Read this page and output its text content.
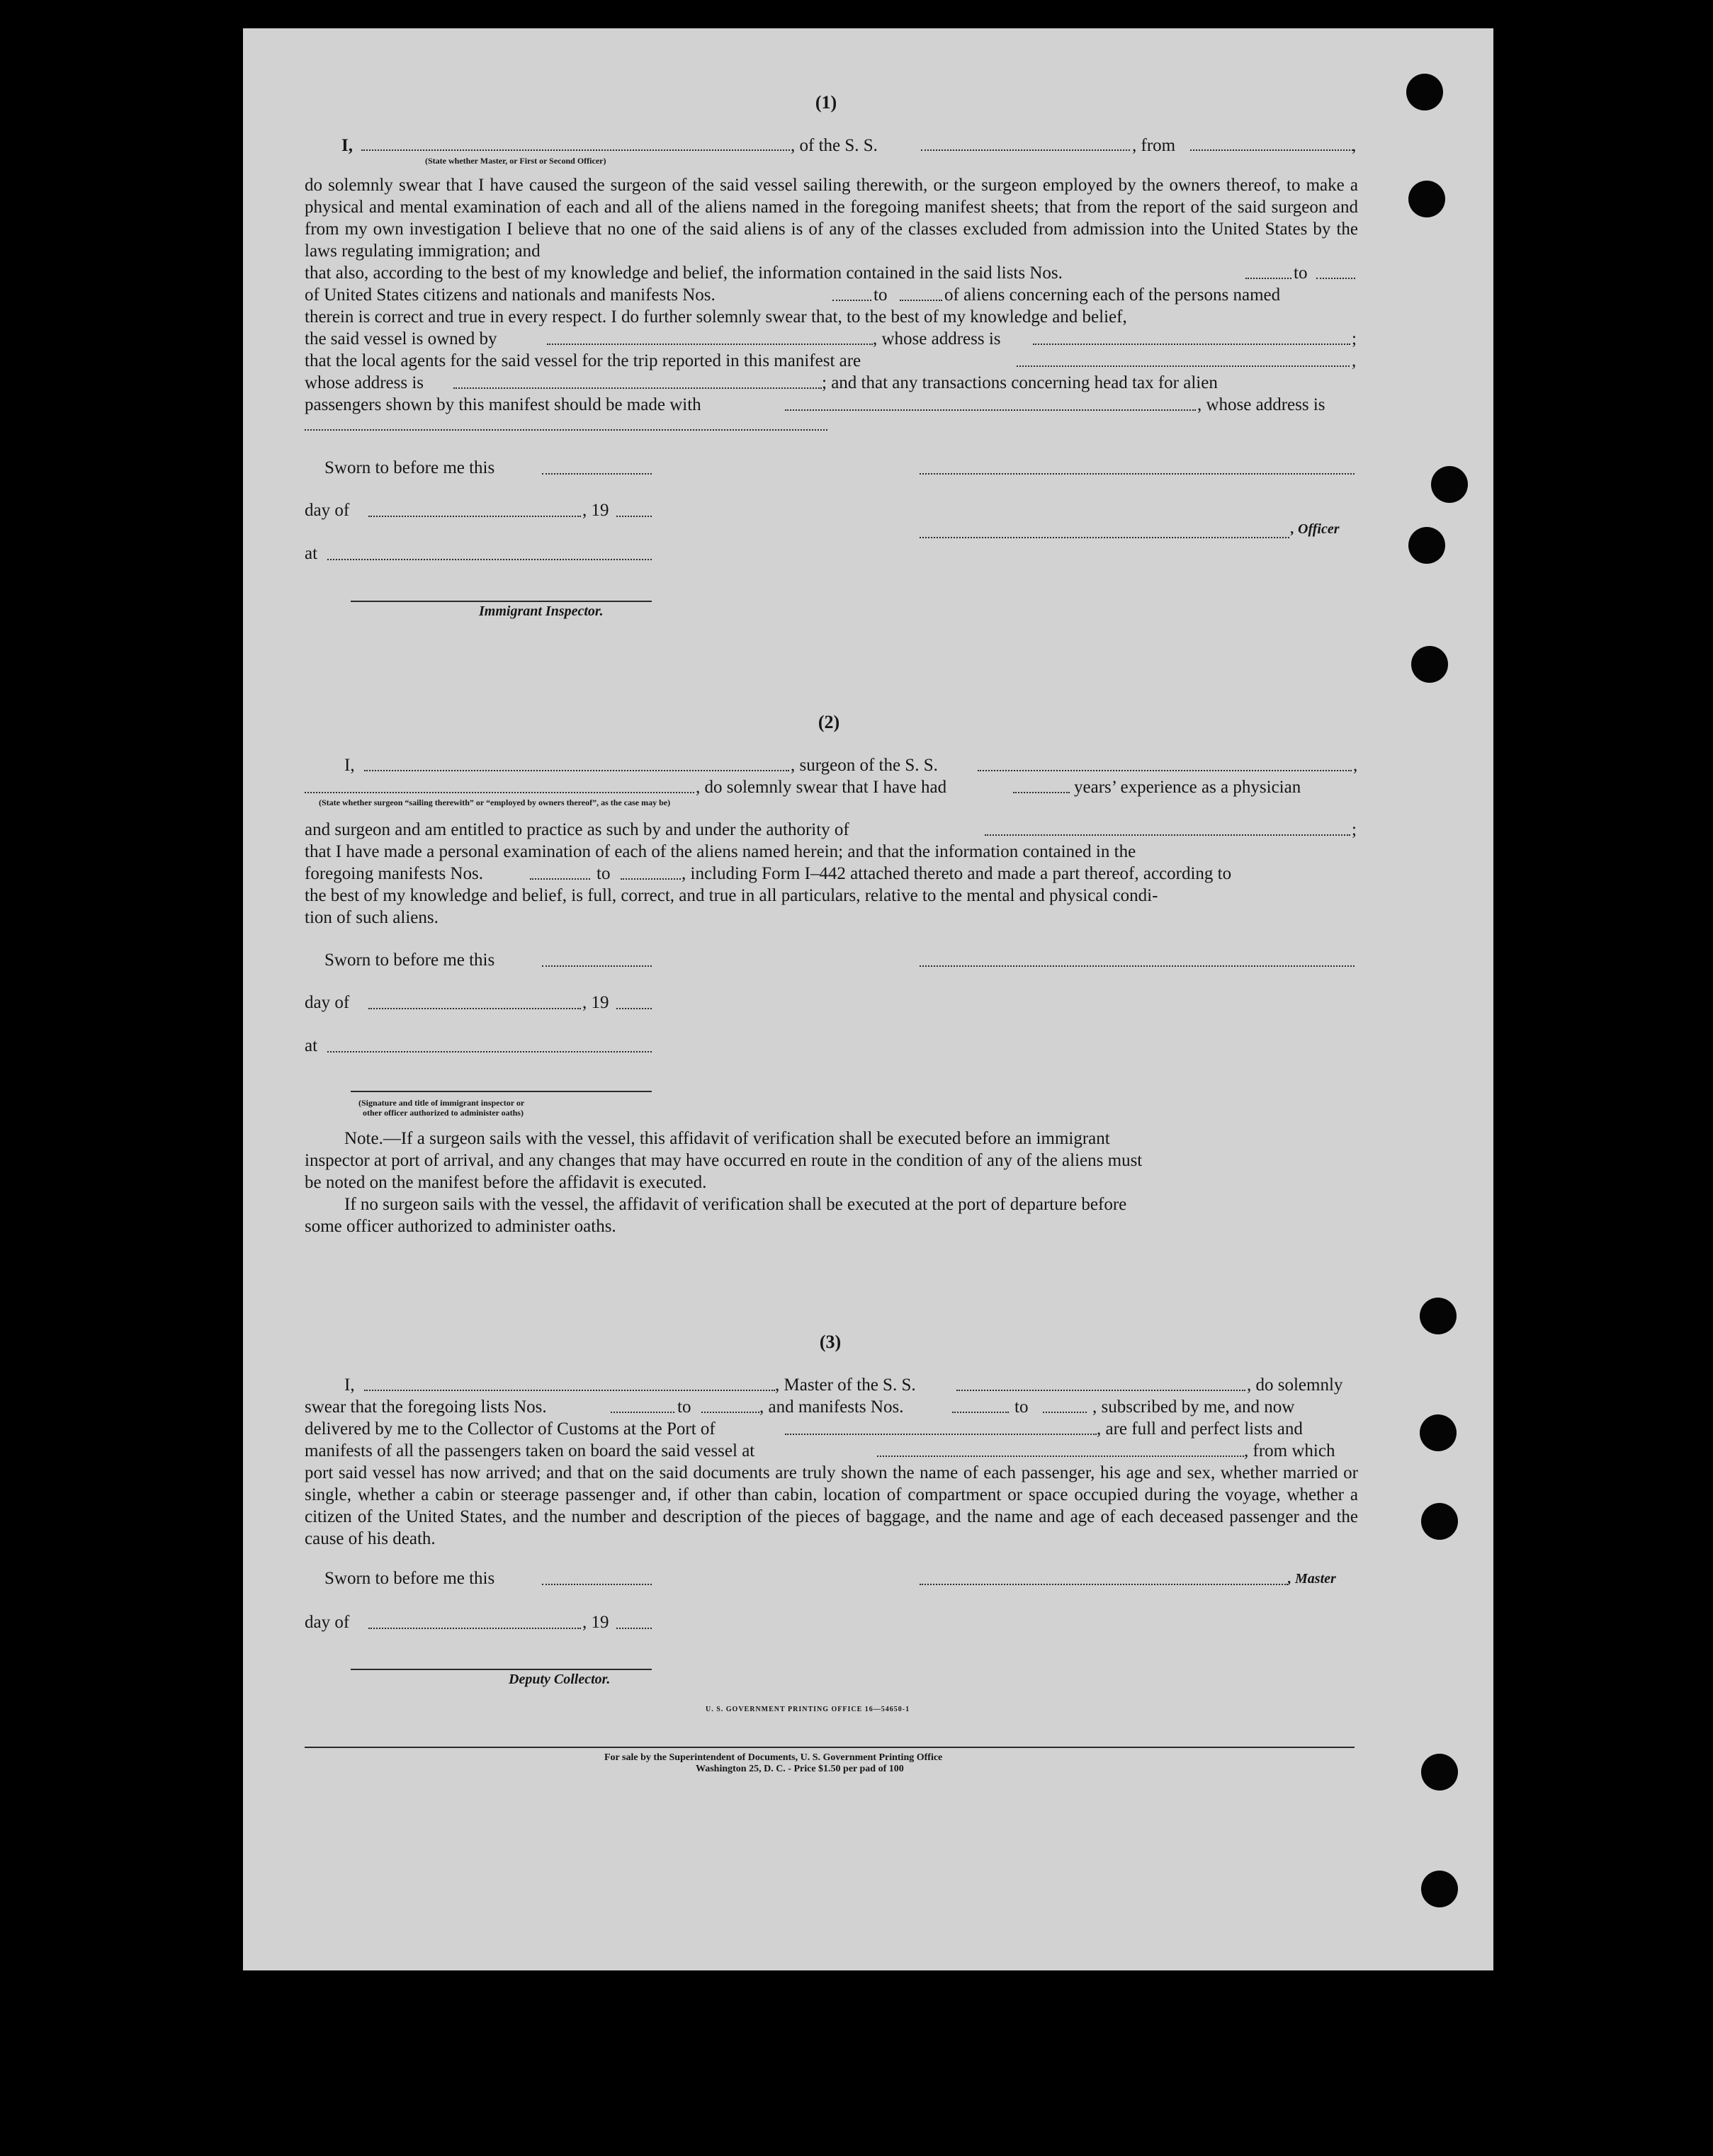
(1)
I,	, of the S. S.	, from	,
(State whether Master, or First or Second Officer)
do solemnly swear that I have caused the surgeon of the said vessel sailing therewith, or the surgeon employed by the owners thereof, to make a physical and mental examination of each and all of the aliens named in the foregoing manifest sheets; that from the report of the said surgeon and from my own investigation I believe that no one of the said aliens is of any of the classes excluded from admission into the United States by the laws regulating immigration; and
that also, according to the best of my knowledge and belief, the information contained in the said lists Nos.	to
of United States citizens and nationals and manifests Nos.	to	of aliens concerning each of the persons named
therein is correct and true in every respect. I do further solemnly swear that, to the best of my knowledge and belief,
the said vessel is owned by	, whose address is	;
that the local agents for the said vessel for the trip reported in this manifest are	,
whose address is	; and that any transactions concerning head tax for alien
passengers shown by this manifest should be made with	, whose address is
Sworn to before me this
day of	, 19
at
Immigrant Inspector.
, Officer
(2)
I,	, surgeon of the S. S.	,
, do solemnly swear that I have had	years’ experience as a physician
(State whether surgeon “sailing therewith” or “employed by owners thereof”, as the case may be)
and surgeon and am entitled to practice as such by and under the authority of	;
that I have made a personal examination of each of the aliens named herein; and that the information contained in the
foregoing manifests Nos.	to	, including Form I–442 attached thereto and made a part thereof, according to
the best of my knowledge and belief, is full, correct, and true in all particulars, relative to the mental and physical condi-
tion of such aliens.
Sworn to before me this
day of	, 19
at
(Signature and title of immigrant inspector or
other officer authorized to administer oaths)
Note.—If a surgeon sails with the vessel, this affidavit of verification shall be executed before an immigrant
inspector at port of arrival, and any changes that may have occurred en route in the condition of any of the aliens must
be noted on the manifest before the affidavit is executed.
If no surgeon sails with the vessel, the affidavit of verification shall be executed at the port of departure before
some officer authorized to administer oaths.
(3)
I,	, Master of the S. S.	, do solemnly
swear that the foregoing lists Nos.	to	, and manifests Nos.	to	, subscribed by me, and now
delivered by me to the Collector of Customs at the Port of	, are full and perfect lists and
manifests of all the passengers taken on board the said vessel at	, from which
port said vessel has now arrived; and that on the said documents are truly shown the name of each passenger, his age and sex, whether married or single, whether a cabin or steerage passenger and, if other than cabin, location of compartment or space occupied during the voyage, whether a citizen of the United States, and the number and description of the pieces of baggage, and the name and age of each deceased passenger and the cause of his death.
Sworn to before me this
day of	, 19
Deputy Collector.
, Master
U. S. GOVERNMENT PRINTING OFFICE 16—54650-1
For sale by the Superintendent of Documents, U. S. Government Printing Office
Washington 25, D. C. - Price $1.50 per pad of 100
